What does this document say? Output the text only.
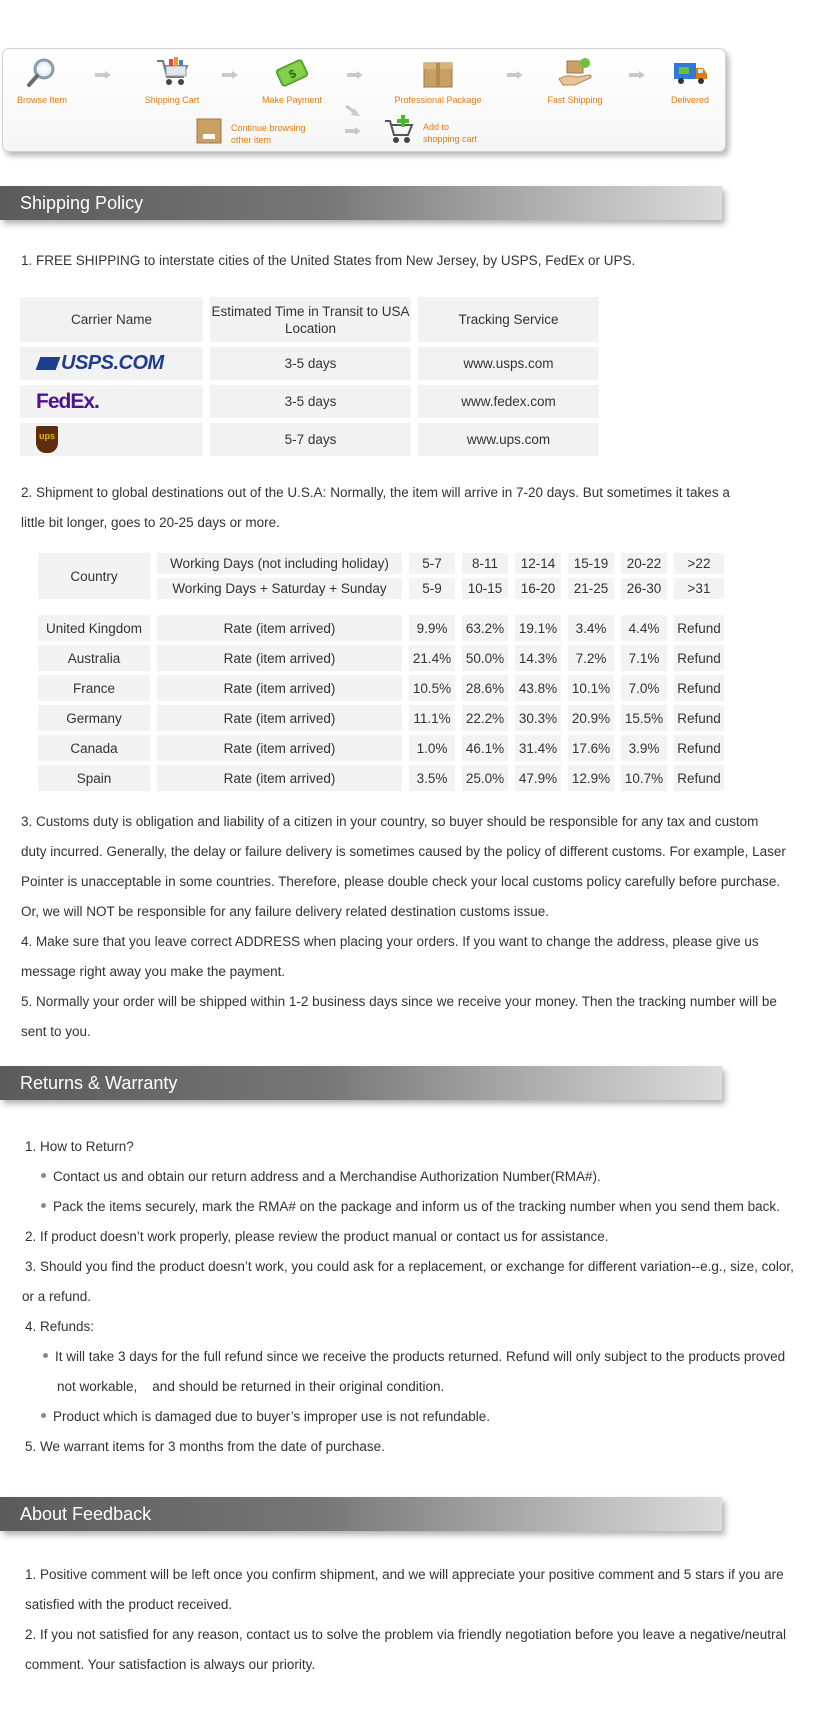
Browse Item	Shipping Cart
$
Make Payment	Professional Package	Fast Shipping	Delivered
Continue browsing
other item
Add to
shopping cart
Shipping Policy
1. FREE SHIPPING to interstate cities of the United States from New Jersey, by USPS, FedEx or UPS.
Carrier Name	Estimated Time in Transit to USA Location	Tracking Service
USPS.COM	3-5 days	www.usps.com
FedEx.	3-5 days	www.fedex.com
ups	5-7 days	www.ups.com
2. Shipment to global destinations out of the U.S.A: Normally, the item will arrive in 7-20 days. But sometimes it takes a
little bit longer, goes to 20-25 days or more.
Country	Working Days (not including holiday)	5-7	8-11	12-14	15-19	20-22	>22
	Working Days + Saturday + Sunday	5-9	10-15	16-20	21-25	26-30	>31

United Kingdom	Rate (item arrived)	9.9%	63.2%	19.1%	3.4%	4.4%	Refund
Australia	Rate (item arrived)	21.4%	50.0%	14.3%	7.2%	7.1%	Refund
France	Rate (item arrived)	10.5%	28.6%	43.8%	10.1%	7.0%	Refund
Germany	Rate (item arrived)	11.1%	22.2%	30.3%	20.9%	15.5%	Refund
Canada	Rate (item arrived)	1.0%	46.1%	31.4%	17.6%	3.9%	Refund
Spain	Rate (item arrived)	3.5%	25.0%	47.9%	12.9%	10.7%	Refund
3. Customs duty is obligation and liability of a citizen in your country, so buyer should be responsible for any tax and custom
duty incurred. Generally, the delay or failure delivery is sometimes caused by the policy of different customs. For example, Laser
Pointer is unacceptable in some countries. Therefore, please double check your local customs policy carefully before purchase.
Or, we will NOT be responsible for any failure delivery related destination customs issue.
4. Make sure that you leave correct ADDRESS when placing your orders. If you want to change the address, please give us
message right away you make the payment.
5. Normally your order will be shipped within 1-2 business days since we receive your money. Then the tracking number will be
sent to you.
Returns & Warranty
1. How to Return?
Contact us and obtain our return address and a Merchandise Authorization Number(RMA#).
Pack the items securely, mark the RMA# on the package and inform us of the tracking number when you send them back.
2. If product doesn’t work properly, please review the product manual or contact us for assistance.
3. Should you find the product doesn’t work, you could ask for a replacement, or exchange for different variation--e.g., size, color,
or a refund.
4. Refunds:
It will take 3 days for the full refund since we receive the products returned. Refund will only subject to the products proved
not workable,    and should be returned in their original condition.
Product which is damaged due to buyer’s improper use is not refundable.
5. We warrant items for 3 months from the date of purchase.
About Feedback
1. Positive comment will be left once you confirm shipment, and we will appreciate your positive comment and 5 stars if you are
satisfied with the product received.
2. If you not satisfied for any reason, contact us to solve the problem via friendly negotiation before you leave a negative/neutral
comment. Your satisfaction is always our priority.
